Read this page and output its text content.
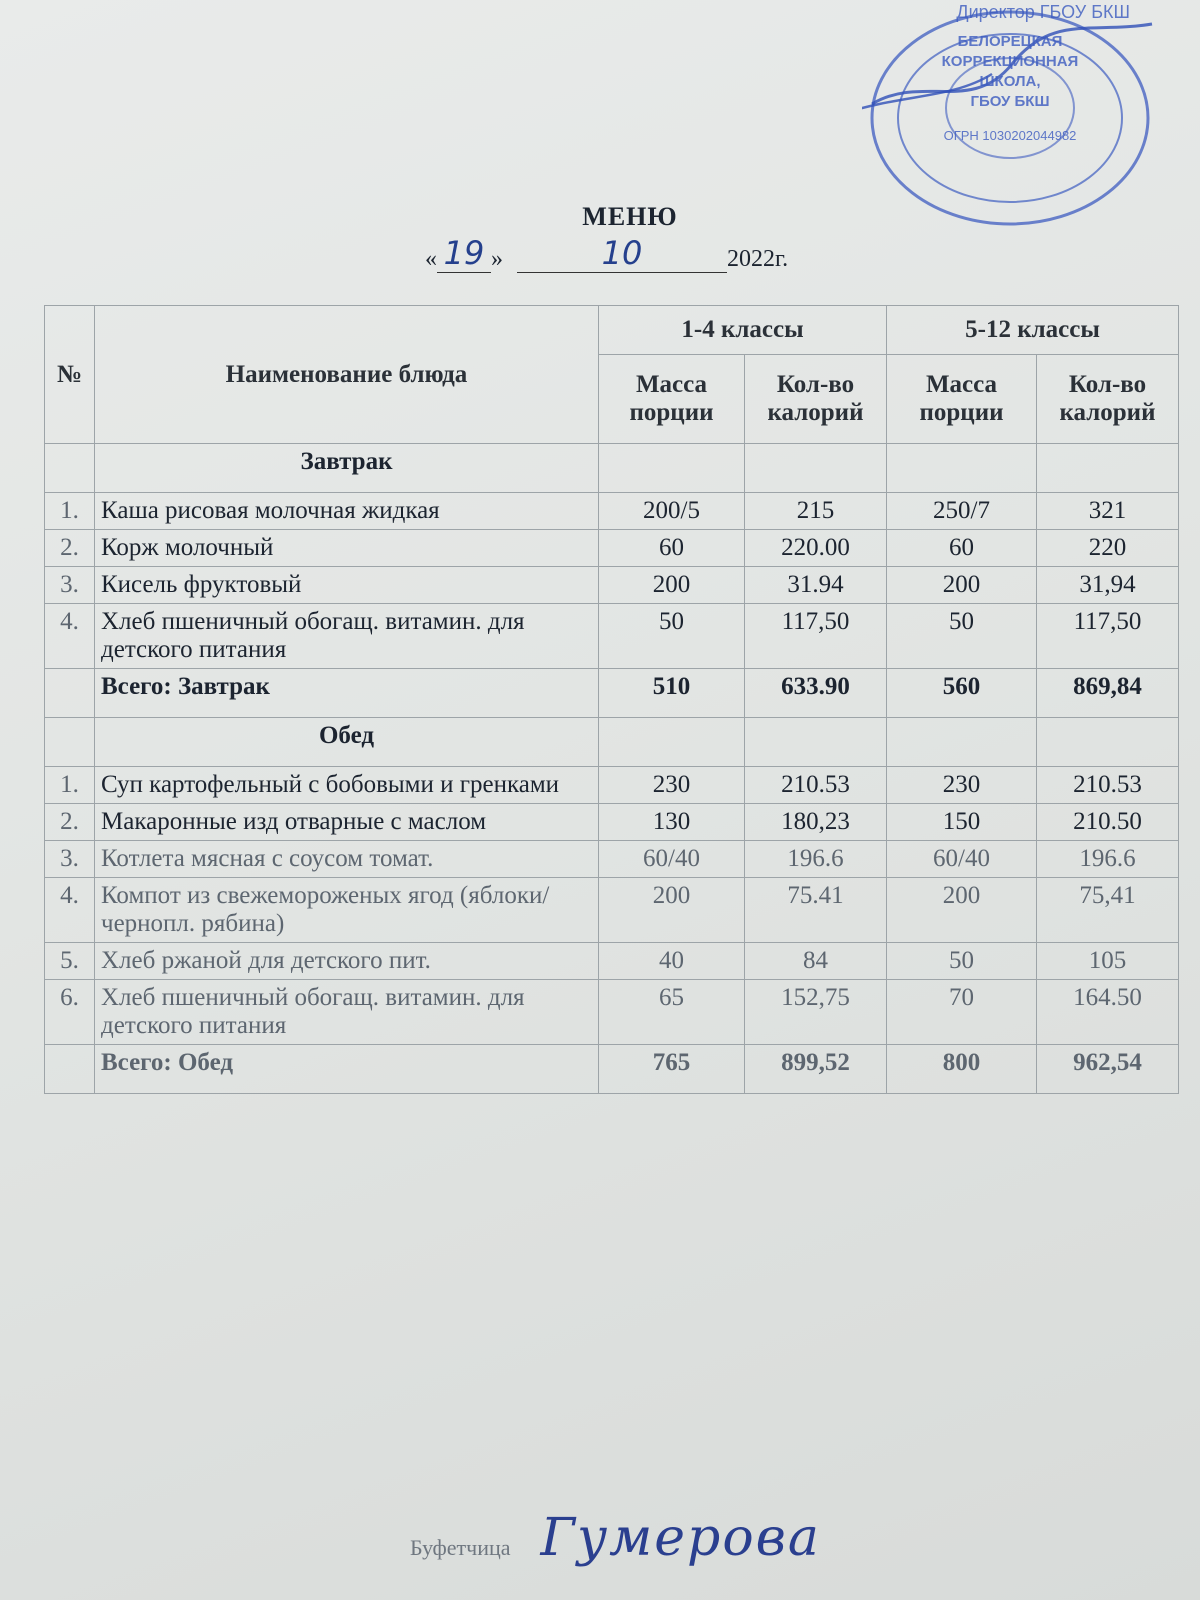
Директор ГБОУ БКШ
БЕЛОРЕЦКАЯ
КОРРЕКЦИОННАЯ
ШКОЛА,
ГБОУ БКШ
ОГРН 1030202044982
МЕНЮ
« 19 »	10	2022г.
№	Наименование блюда	1-4 классы		5-12 классы	
		Масса порции	Кол-во калорий	Масса порции	Кол-во калорий
	Завтрак				
1.	Каша рисовая молочная жидкая	200/5	215	250/7	321
2.	Корж молочный	60	220.00	60	220
3.	Кисель фруктовый	200	31.94	200	31,94
4.	Хлеб пшеничный обогащ. витамин. для детского питания	50	117,50	50	117,50
	Всего: Завтрак	510	633.90	560	869,84
	Обед				
1.	Суп картофельный с бобовыми и гренками	230	210.53	230	210.53
2.	Макаронные изд отварные с маслом	130	180,23	150	210.50
3.	Котлета мясная с соусом томат.	60/40	196.6	60/40	196.6
4.	Компот из свежемороженых ягод (яблоки/ чернопл. рябина)	200	75.41	200	75,41
5.	Хлеб ржаной для детского пит.	40	84	50	105
6.	Хлеб пшеничный обогащ. витамин. для детского питания	65	152,75	70	164.50
	Всего: Обед	765	899,52	800	962,54
Буфетчица Гумерова
